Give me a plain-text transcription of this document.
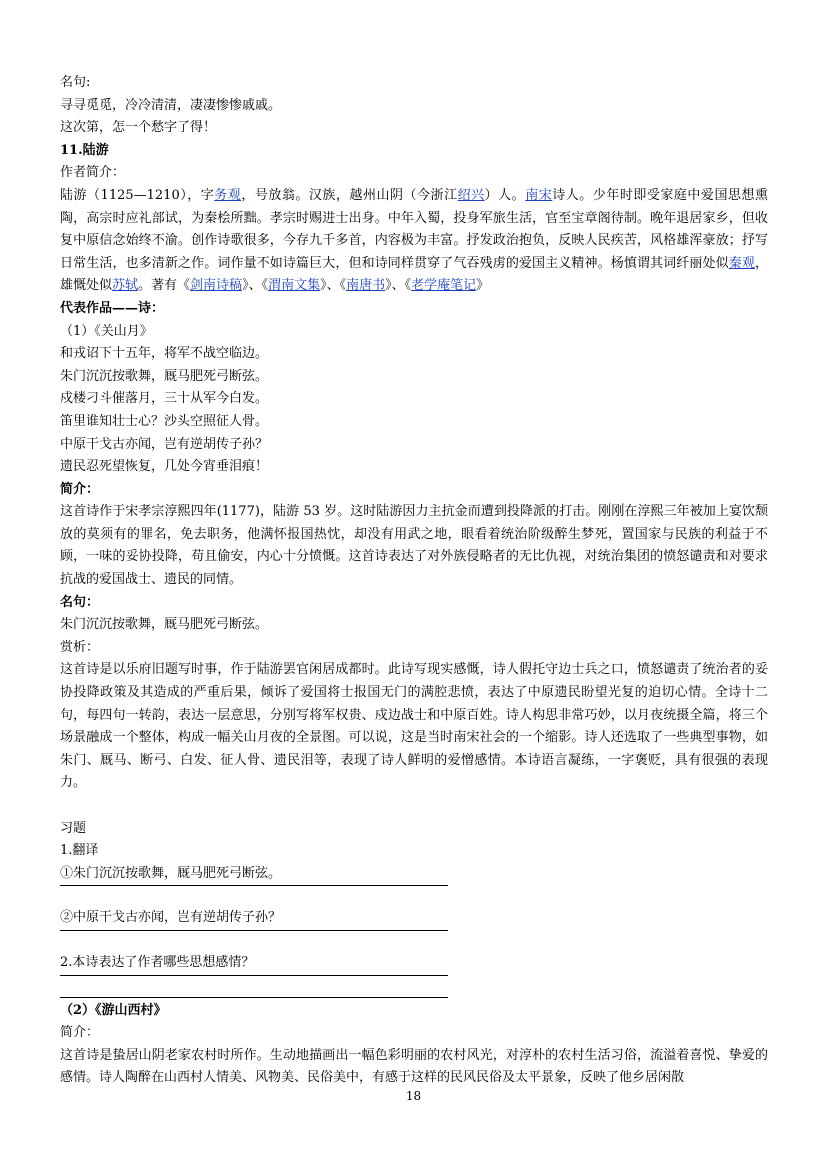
名句:
寻寻觅觅，冷冷清清，凄凄惨惨戚戚。
这次第，怎一个愁字了得！
11.陆游
作者简介：
陆游（1125—1210），字务观，号放翁。汉族，越州山阴（今浙江绍兴）人。南宋诗人。少年时即受家庭中爱国思想熏陶，高宗时应礼部试，为秦桧所黜。孝宗时赐进士出身。中年入蜀，投身军旅生活，官至宝章阁待制。晚年退居家乡，但收复中原信念始终不渝。创作诗歌很多，今存九千多首，内容极为丰富。抒发政治抱负，反映人民疾苦，风格雄浑豪放；抒写日常生活，也多清新之作。词作量不如诗篇巨大，但和诗同样贯穿了气吞残虏的爱国主义精神。杨慎谓其词纤丽处似秦观，雄慨处似苏轼。著有《剑南诗稿》、《渭南文集》、《南唐书》、《老学庵笔记》
代表作品——诗：
（1）《关山月》
和戎诏下十五年，将军不战空临边。
朱门沉沉按歌舞，厩马肥死弓断弦。
戍楼刁斗催落月，三十从军今白发。
笛里谁知壮士心？沙头空照征人骨。
中原干戈古亦闻，岂有逆胡传子孙？
遗民忍死望恢复，几处今宵垂泪痕！
简介：
这首诗作于宋孝宗淳熙四年(1177)，陆游 53 岁。这时陆游因力主抗金而遭到投降派的打击。刚刚在淳熙三年被加上宴饮颓放的莫须有的罪名，免去职务，他满怀报国热忱，却没有用武之地，眼看着统治阶级醉生梦死，置国家与民族的利益于不顾，一味的妥协投降，苟且偷安，内心十分愤慨。这首诗表达了对外族侵略者的无比仇视，对统治集团的愤怒谴责和对要求抗战的爱国战士、遗民的同情。
名句：
朱门沉沉按歌舞，厩马肥死弓断弦。
赏析：
这首诗是以乐府旧题写时事，作于陆游罢官闲居成都时。此诗写现实感慨，诗人假托守边士兵之口，愤怒谴责了统治者的妥协投降政策及其造成的严重后果，倾诉了爱国将士报国无门的满腔悲愤，表达了中原遗民盼望光复的迫切心情。全诗十二句，每四句一转韵，表达一层意思，分别写将军权贵、戍边战士和中原百姓。诗人构思非常巧妙，以月夜统摄全篇，将三个场景融成一个整体，构成一幅关山月夜的全景图。可以说，这是当时南宋社会的一个缩影。诗人还选取了一些典型事物，如朱门、厩马、断弓、白发、征人骨、遗民泪等，表现了诗人鲜明的爱憎感情。本诗语言凝练，一字褒贬，具有很强的表现力。
习题
1.翻译
①朱门沉沉按歌舞，厩马肥死弓断弦。
②中原干戈古亦闻，岂有逆胡传子孙？
2.本诗表达了作者哪些思想感情？
（2）《游山西村》
简介：
这首诗是蛰居山阴老家农村时所作。生动地描画出一幅色彩明丽的农村风光，对淳朴的农村生活习俗，流溢着喜悦、挚爱的感情。诗人陶醉在山西村人情美、风物美、民俗美中，有感于这样的民风民俗及太平景象，反映了他乡居闲散
18
